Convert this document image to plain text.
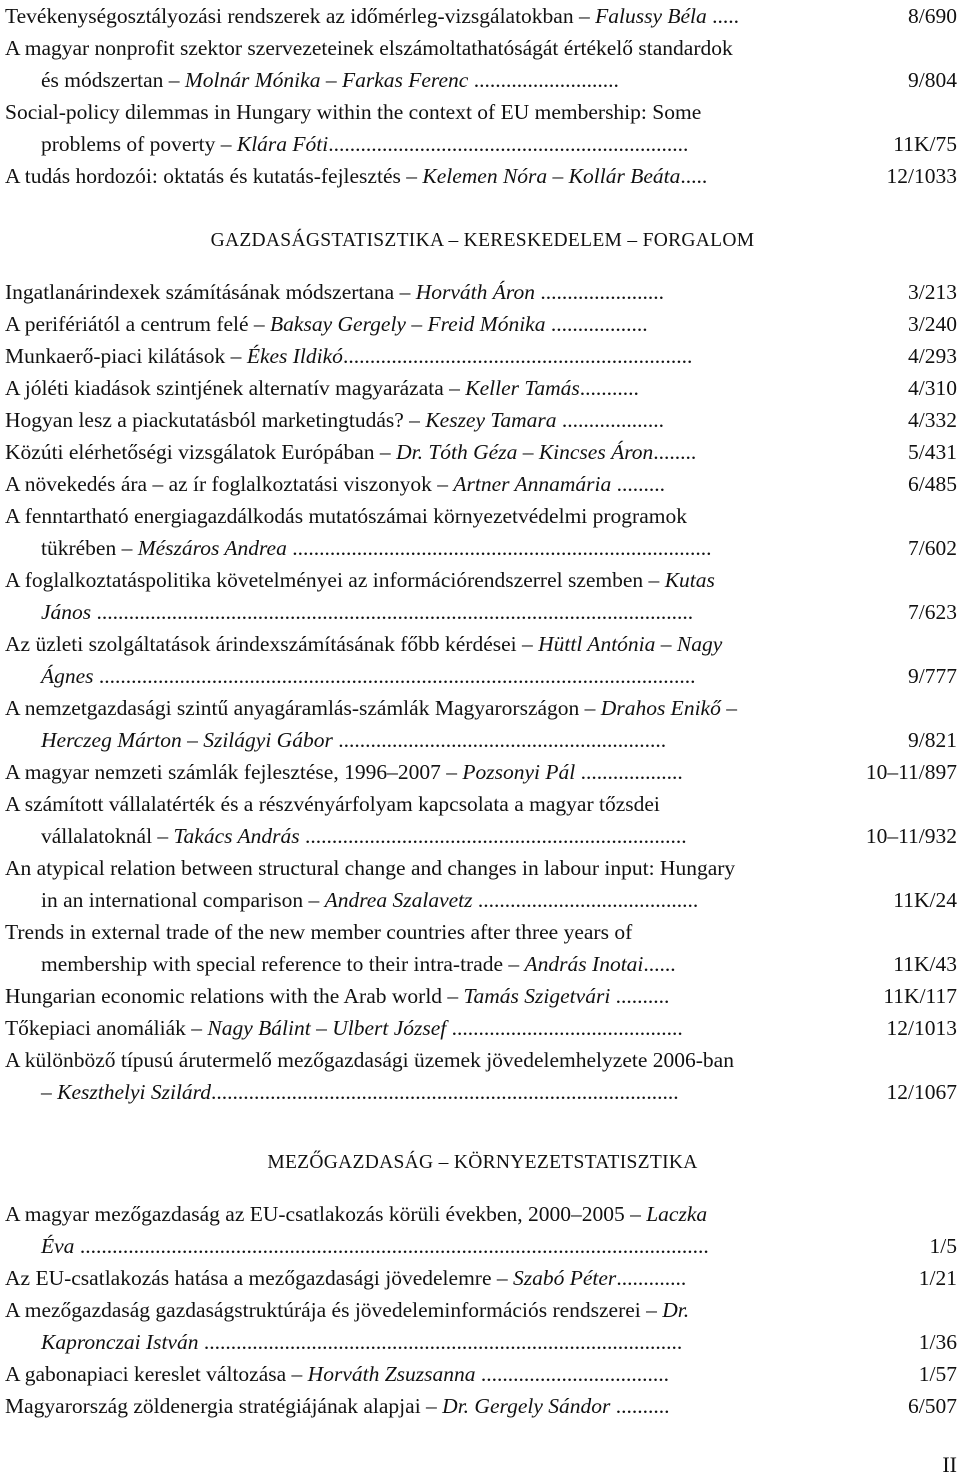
Tevékenységosztályozási rendszerek az időmérleg-vizsgálatokban – Falussy Béla .....	8/690
A magyar nonprofit szektor szervezeteinek elszámoltathatóságát értékelő standardok
és módszertan – Molnár Mónika – Farkas Ferenc ...........................	9/804
Social-policy dilemmas in Hungary within the context of EU membership: Some
problems of poverty – Klára Fóti...................................................................	11K/75
A tudás hordozói: oktatás és kutatás-fejlesztés – Kelemen Nóra – Kollár Beáta.....	12/1033
GAZDASÁGSTATISZTIKA – KERESKEDELEM – FORGALOM
Ingatlanárindexek számításának módszertana – Horváth Áron .......................	3/213
A perifériától a centrum felé – Baksay Gergely – Freid Mónika ..................	3/240
Munkaerő-piaci kilátások – Ékes Ildikó.................................................................	4/293
A jóléti kiadások szintjének alternatív magyarázata – Keller Tamás...........	4/310
Hogyan lesz a piackutatásból marketingtudás? – Keszey Tamara ...................	4/332
Közúti elérhetőségi vizsgálatok Európában – Dr. Tóth Géza – Kincses Áron........	5/431
A növekedés ára – az ír foglalkoztatási viszonyok – Artner Annamária .........	6/485
A fenntartható energiagazdálkodás mutatószámai környezetvédelmi programok
tükrében – Mészáros Andrea ..............................................................................	7/602
A foglalkoztatáspolitika követelményei az információrendszerrel szemben – Kutas
János ...............................................................................................................	7/623
Az üzleti szolgáltatások árindexszámításának főbb kérdései – Hüttl Antónia – Nagy
Ágnes ...............................................................................................................	9/777
A nemzetgazdasági szintű anyagáramlás-számlák Magyarországon – Drahos Enikő –
Herczeg Márton – Szilágyi Gábor .............................................................	9/821
A magyar nemzeti számlák fejlesztése, 1996–2007 – Pozsonyi Pál ...................	10–11/897
A számított vállalatérték és a részvényárfolyam kapcsolata a magyar tőzsdei
vállalatoknál – Takács András .......................................................................	10–11/932
An atypical relation between structural change and changes in labour input: Hungary
in an international comparison – Andrea Szalavetz .........................................	11K/24
Trends in external trade of the new member countries after three years of
membership with special reference to their intra-trade – András Inotai......	11K/43
Hungarian economic relations with the Arab world – Tamás Szigetvári ..........	11K/117
Tőkepiaci anomáliák – Nagy Bálint – Ulbert József ...........................................	12/1013
A különböző típusú árutermelő mezőgazdasági üzemek jövedelemhelyzete 2006-ban
– Keszthelyi Szilárd.......................................................................................	12/1067
MEZŐGAZDASÁG – KÖRNYEZETSTATISZTIKA
A magyar mezőgazdaság az EU-csatlakozás körüli években, 2000–2005 – Laczka
Éva .....................................................................................................................	1/5
Az EU-csatlakozás hatása a mezőgazdasági jövedelemre – Szabó Péter.............	1/21
A mezőgazdaság gazdaságstruktúrája és jövedeleminformációs rendszerei – Dr.
Kapronczai István .........................................................................................	1/36
A gabonapiaci kereslet változása – Horváth Zsuzsanna ...................................	1/57
Magyarország zöldenergia stratégiájának alapjai – Dr. Gergely Sándor ..........	6/507
II
